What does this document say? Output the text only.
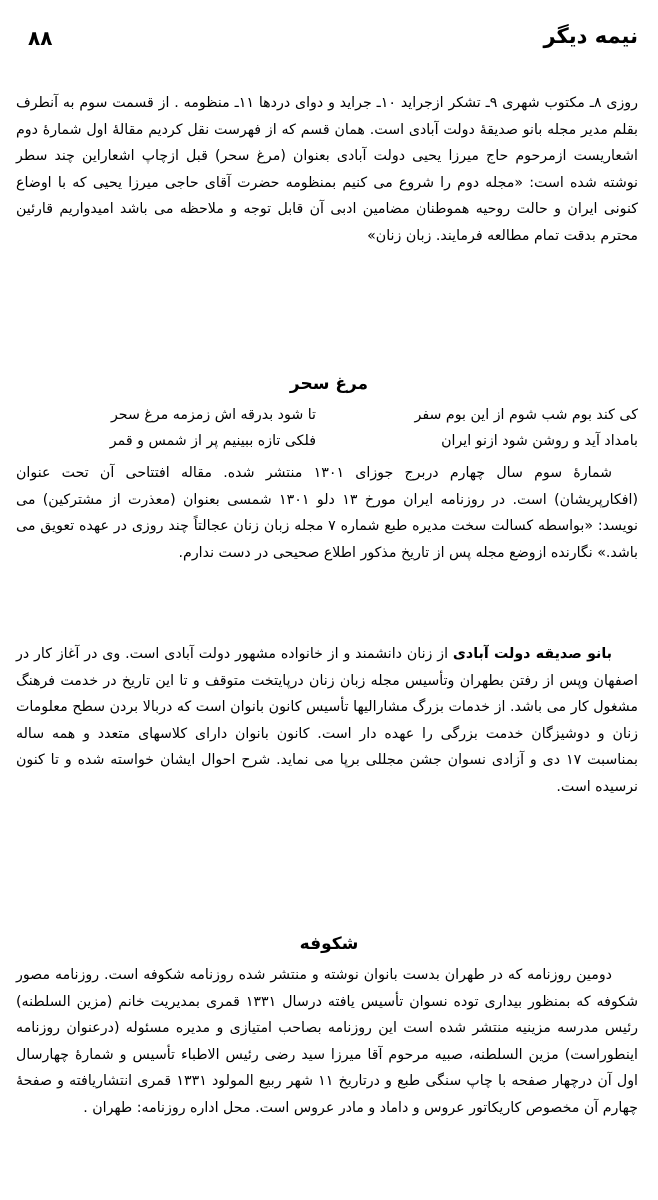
نیمه دیگر
۸۸

روزی ۸ـ مکتوب شهری ۹ـ تشکر ازجراید ۱۰ـ جراید و دوای دردها ۱۱ـ منظومه . از قسمت سوم به آنطرف بقلم مدیر مجله بانو صدیقهٔ دولت آبادی است. همان قسم که از فهرست نقل کردیم مقالهٔ اول شمارهٔ دوم اشعاریست ازمرحوم حاج میرزا یحیی دولت آبادی بعنوان (مرغ سحر) قبل ازچاپ اشعاراین چند سطر نوشته شده است: «مجله دوم را شروع می کنیم بمنظومه حضرت آقای حاجی میرزا یحیی که با اوضاع کنونی ایران و حالت روحیه هموطنان مضامین ادبی آن قابل توجه و ملاحظه می باشد امیدواریم قارئین محترم بدقت تمام مطالعه فرمایند. زبان زنان»

مرغ سحر
کی کند بوم شب شوم از این بوم سفر
تا شود بدرقه اش زمزمه مرغ سحر
بامداد آید و روشن شود ازنو ایران
فلکی تازه ببینیم پر از شمس و قمر

شمارهٔ سوم سال چهارم دربرج جوزای ۱۳۰۱ منتشر شده. مقاله افتتاحی آن تحت عنوان (افکارپریشان) است. در روزنامه ایران مورخ ۱۳ دلو ۱۳۰۱ شمسی بعنوان (معذرت از مشترکین) می نویسد: «بواسطه کسالت سخت مدیره طبع شماره ۷ مجله زبان زنان عجالتاً چند روزی در عهده تعویق می باشد.» نگارنده ازوضع مجله پس از تاریخ مذکور اطلاع صحیحی در دست ندارم.

بانو صدیقه دولت آبادی از زنان دانشمند و از خانواده مشهور دولت آبادی است. وی در آغاز کار در اصفهان وپس از رفتن بطهران وتأسیس مجله زبان زنان درپایتخت متوقف و تا این تاریخ در خدمت فرهنگ مشغول کار می باشد. از خدمات بزرگ مشارالیها تأسیس کانون بانوان است که دربالا بردن سطح معلومات زنان و دوشیزگان خدمت بزرگی را عهده دار است. کانون بانوان دارای کلاسهای متعدد و همه ساله بمناسبت ۱۷ دی و آزادی نسوان جشن مجللی برپا می نماید. شرح احوال ایشان خواسته شده و تا کنون نرسیده است.

شکوفه

دومین روزنامه که در طهران بدست بانوان نوشته و منتشر شده روزنامه شکوفه است. روزنامه مصور شکوفه که بمنظور بیداری توده نسوان تأسیس یافته درسال ۱۳۳۱ قمری بمدیریت خانم (مزین السلطنه) رئیس مدرسه مزینیه منتشر شده است این روزنامه بصاحب امتیازی و مدیره مسئوله (درعنوان روزنامه اینطوراست) مزین السلطنه، صبیه مرحوم آقا میرزا سید رضی رئیس الاطباء تأسیس و شمارهٔ چهارسال اول آن درچهار صفحه با چاپ سنگی طبع و درتاریخ ۱۱ شهر ربیع المولود ۱۳۳۱ قمری انتشاریافته و صفحهٔ چهارم آن مخصوص کاریکاتور عروس و داماد و مادر عروس است. محل اداره روزنامه: طهران .
